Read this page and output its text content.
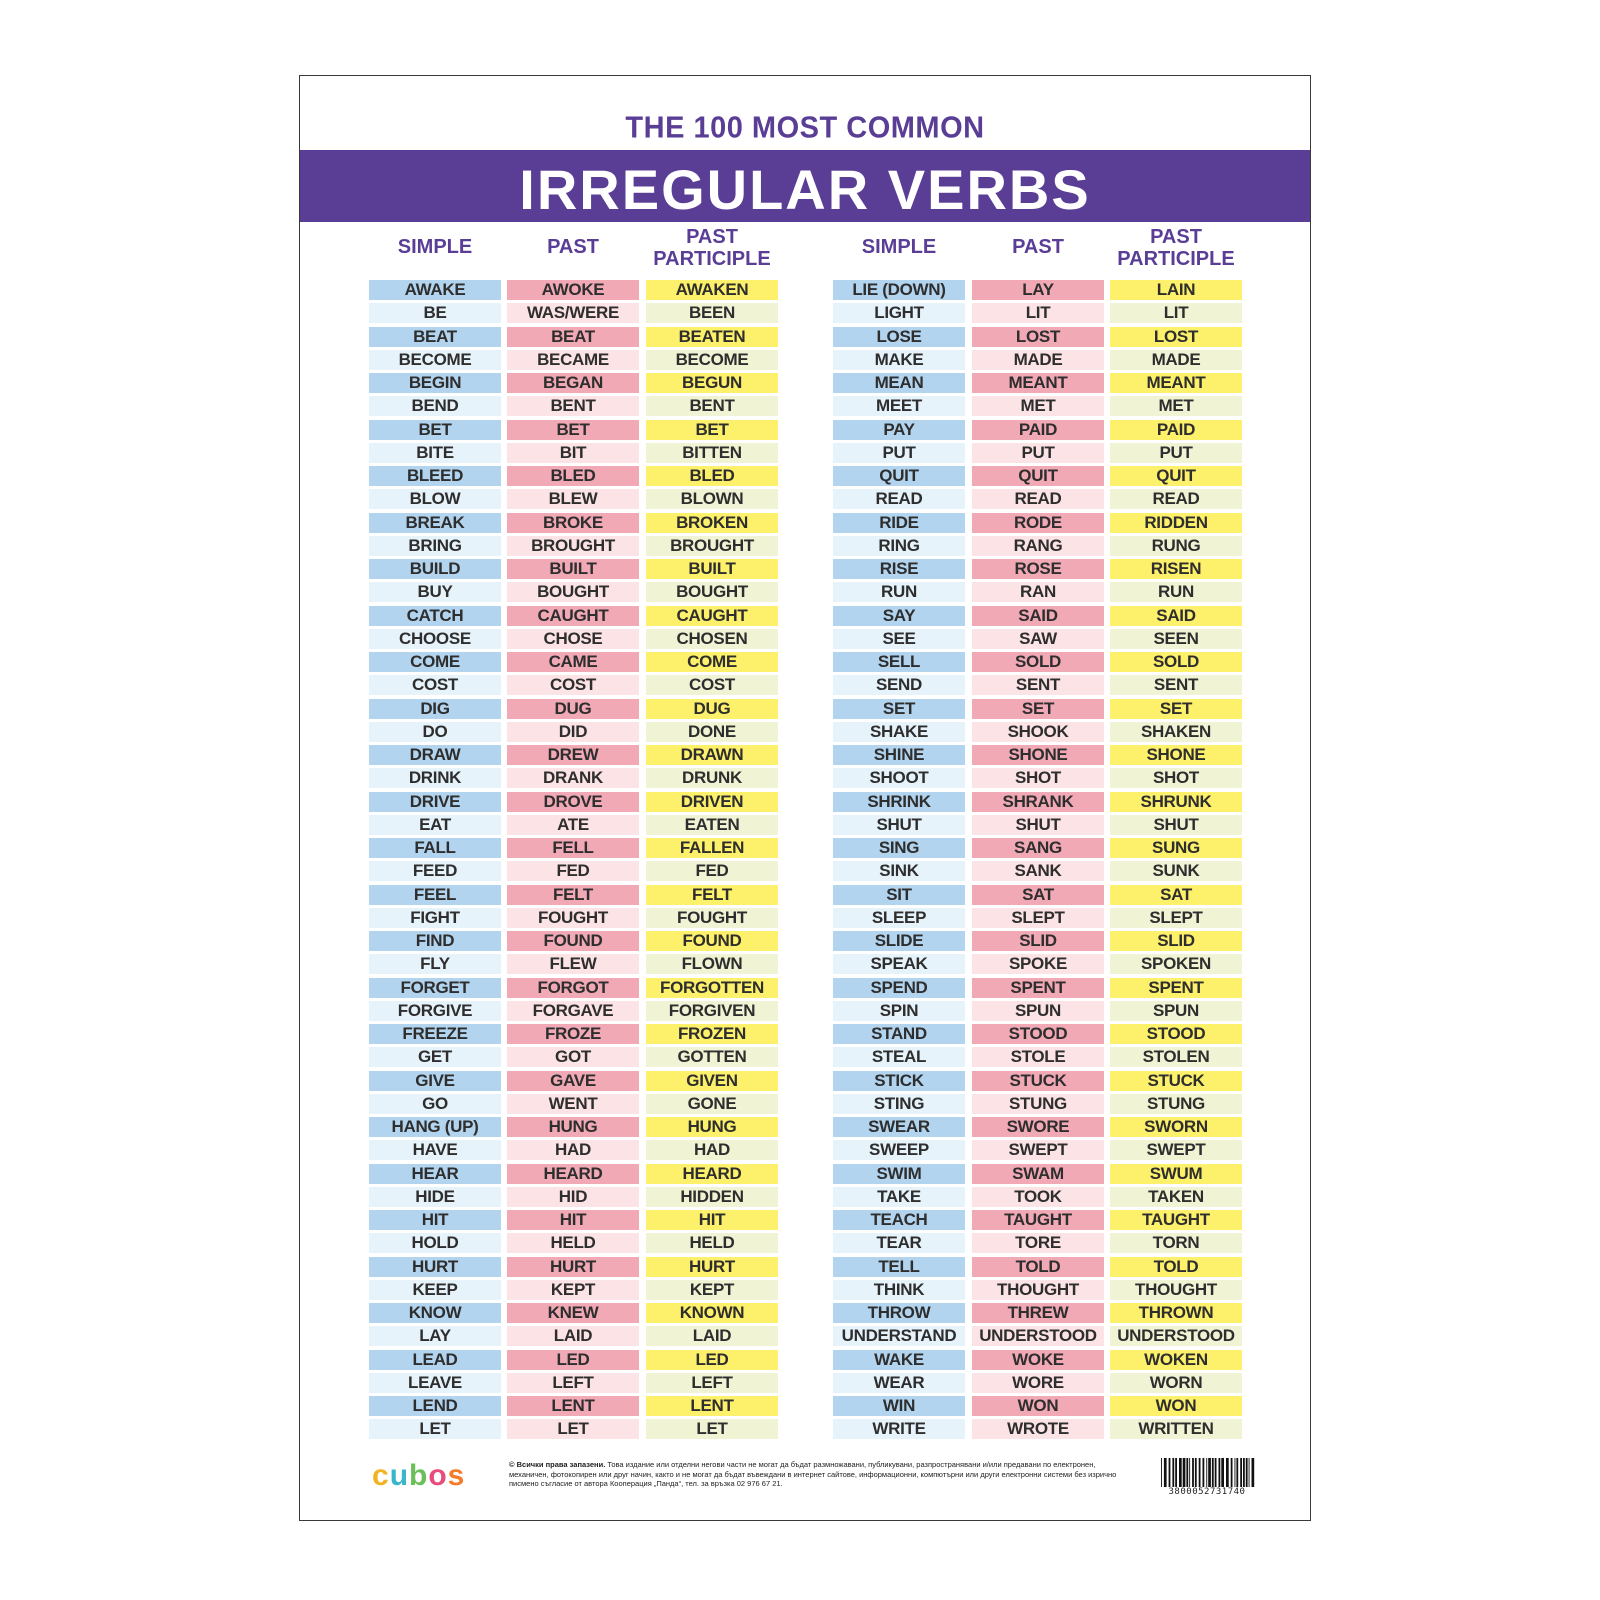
THE 100 MOST COMMON
IRREGULAR VERBS
SIMPLE	PAST	PAST
PARTICIPLE
SIMPLE	PAST	PAST
PARTICIPLE
AWAKE	AWOKE	AWAKEN
BE	WAS/WERE	BEEN
BEAT	BEAT	BEATEN
BECOME	BECAME	BECOME
BEGIN	BEGAN	BEGUN
BEND	BENT	BENT
BET	BET	BET
BITE	BIT	BITTEN
BLEED	BLED	BLED
BLOW	BLEW	BLOWN
BREAK	BROKE	BROKEN
BRING	BROUGHT	BROUGHT
BUILD	BUILT	BUILT
BUY	BOUGHT	BOUGHT
CATCH	CAUGHT	CAUGHT
CHOOSE	CHOSE	CHOSEN
COME	CAME	COME
COST	COST	COST
DIG	DUG	DUG
DO	DID	DONE
DRAW	DREW	DRAWN
DRINK	DRANK	DRUNK
DRIVE	DROVE	DRIVEN
EAT	ATE	EATEN
FALL	FELL	FALLEN
FEED	FED	FED
FEEL	FELT	FELT
FIGHT	FOUGHT	FOUGHT
FIND	FOUND	FOUND
FLY	FLEW	FLOWN
FORGET	FORGOT	FORGOTTEN
FORGIVE	FORGAVE	FORGIVEN
FREEZE	FROZE	FROZEN
GET	GOT	GOTTEN
GIVE	GAVE	GIVEN
GO	WENT	GONE
HANG (UP)	HUNG	HUNG
HAVE	HAD	HAD
HEAR	HEARD	HEARD
HIDE	HID	HIDDEN
HIT	HIT	HIT
HOLD	HELD	HELD
HURT	HURT	HURT
KEEP	KEPT	KEPT
KNOW	KNEW	KNOWN
LAY	LAID	LAID
LEAD	LED	LED
LEAVE	LEFT	LEFT
LEND	LENT	LENT
LET	LET	LET
LIE (DOWN)	LAY	LAIN
LIGHT	LIT	LIT
LOSE	LOST	LOST
MAKE	MADE	MADE
MEAN	MEANT	MEANT
MEET	MET	MET
PAY	PAID	PAID
PUT	PUT	PUT
QUIT	QUIT	QUIT
READ	READ	READ
RIDE	RODE	RIDDEN
RING	RANG	RUNG
RISE	ROSE	RISEN
RUN	RAN	RUN
SAY	SAID	SAID
SEE	SAW	SEEN
SELL	SOLD	SOLD
SEND	SENT	SENT
SET	SET	SET
SHAKE	SHOOK	SHAKEN
SHINE	SHONE	SHONE
SHOOT	SHOT	SHOT
SHRINK	SHRANK	SHRUNK
SHUT	SHUT	SHUT
SING	SANG	SUNG
SINK	SANK	SUNK
SIT	SAT	SAT
SLEEP	SLEPT	SLEPT
SLIDE	SLID	SLID
SPEAK	SPOKE	SPOKEN
SPEND	SPENT	SPENT
SPIN	SPUN	SPUN
STAND	STOOD	STOOD
STEAL	STOLE	STOLEN
STICK	STUCK	STUCK
STING	STUNG	STUNG
SWEAR	SWORE	SWORN
SWEEP	SWEPT	SWEPT
SWIM	SWAM	SWUM
TAKE	TOOK	TAKEN
TEACH	TAUGHT	TAUGHT
TEAR	TORE	TORN
TELL	TOLD	TOLD
THINK	THOUGHT	THOUGHT
THROW	THREW	THROWN
UNDERSTAND	UNDERSTOOD	UNDERSTOOD
WAKE	WOKE	WOKEN
WEAR	WORE	WORN
WIN	WON	WON
WRITE	WROTE	WRITTEN
cubos	© Всички права запазени. Това издание или отделни негови части не могат да бъдат размножавани, публикувани, разпространявани и/или предавани по електронен, механичен, фотокопирен или друг начин, както и не могат да бъдат въвеждани в интернет сайтове, информационни, компютърни или други електронни системи без изрично писмено съгласие от автора Кооперация „Панда“, тел. за връзка 02 976 67 21.
3800052731740
